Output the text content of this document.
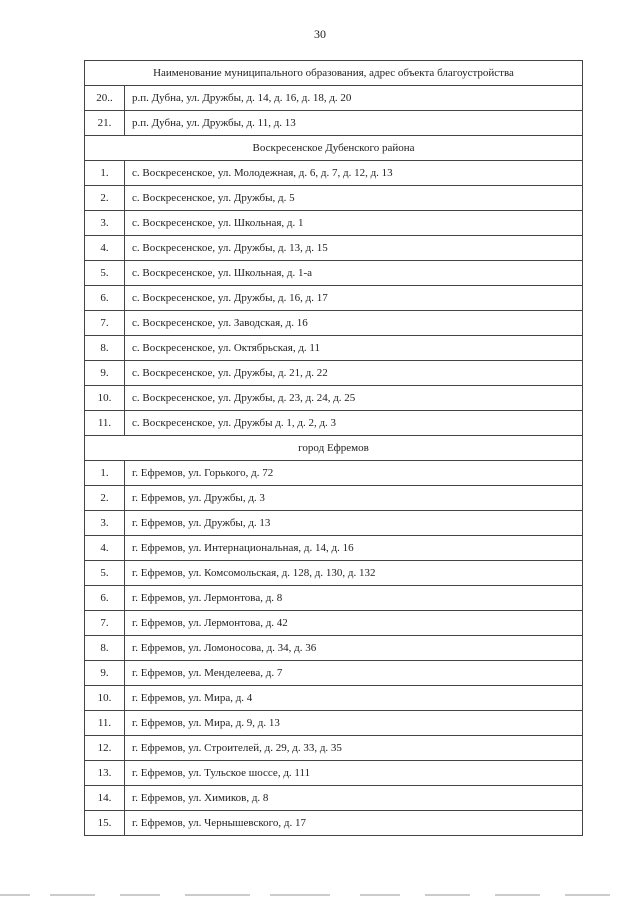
30
Наименование муниципального образования, адрес объекта благоустройства	
20..	р.п. Дубна, ул. Дружбы, д. 14, д. 16, д. 18, д. 20
21.	р.п. Дубна, ул. Дружбы, д. 11, д. 13
Воскресенское Дубенского района	
1.	с. Воскресенское, ул. Молодежная, д. 6, д. 7, д. 12, д. 13
2.	с. Воскресенское, ул. Дружбы, д. 5
3.	с. Воскресенское, ул. Школьная, д. 1
4.	с. Воскресенское, ул. Дружбы, д. 13, д. 15
5.	с. Воскресенское, ул. Школьная, д. 1-а
6.	с. Воскресенское, ул. Дружбы, д. 16, д. 17
7.	с. Воскресенское, ул. Заводская, д. 16
8.	с. Воскресенское, ул. Октябрьская, д. 11
9.	с. Воскресенское, ул. Дружбы, д. 21, д. 22
10.	с. Воскресенское, ул. Дружбы, д. 23, д. 24, д. 25
11.	с. Воскресенское, ул. Дружбы д. 1, д. 2, д. 3
город Ефремов	
1.	г. Ефремов, ул. Горького, д. 72
2.	г. Ефремов, ул. Дружбы, д. 3
3.	г. Ефремов, ул. Дружбы, д. 13
4.	г. Ефремов, ул. Интернациональная, д. 14, д. 16
5.	г. Ефремов, ул. Комсомольская, д. 128, д. 130, д. 132
6.	г. Ефремов, ул. Лермонтова, д. 8
7.	г. Ефремов, ул. Лермонтова, д. 42
8.	г. Ефремов, ул. Ломоносова, д. 34, д. 36
9.	г. Ефремов, ул. Менделеева, д. 7
10.	г. Ефремов, ул. Мира, д. 4
11.	г. Ефремов, ул. Мира, д. 9, д. 13
12.	г. Ефремов, ул. Строителей, д. 29, д. 33, д. 35
13.	г. Ефремов, ул. Тульское шоссе, д. 111
14.	г. Ефремов, ул. Химиков, д. 8
15.	г. Ефремов, ул. Чернышевского, д. 17
